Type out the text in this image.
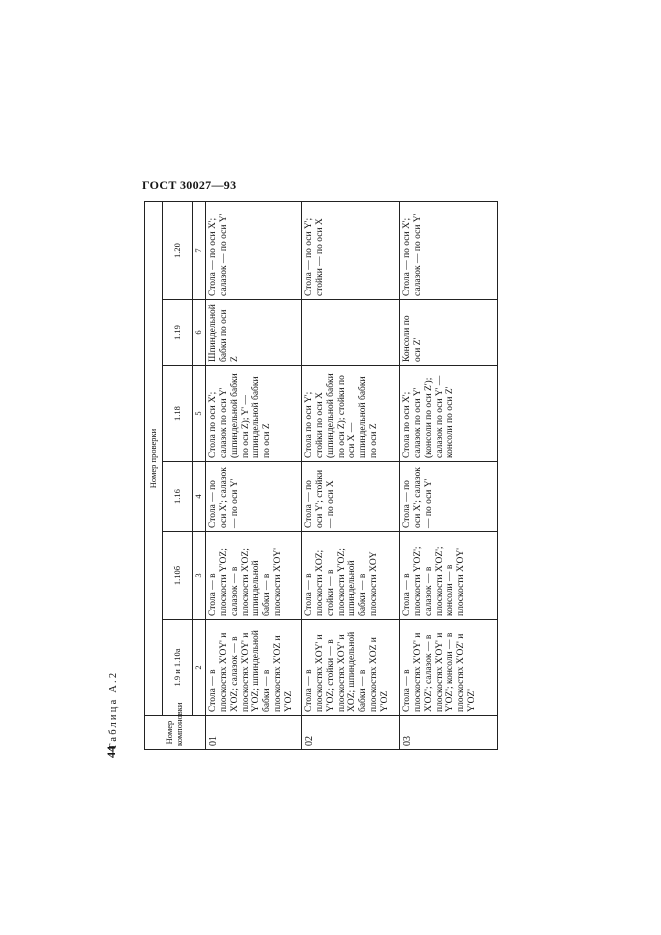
ГОСТ 30027—93
44
Таблица А.2	Номер компоновки	Номер проверки					
	1.9 и 1.10а	1.10б	1.16	1.18	1.19	1.20
	2	3	4	5	6	7
01	Стола — в плоскостях X'OY' и X'OZ; салазок — в плоскостях X'OY' и Y'OZ; шпиндельной бабки — в плоскостях X'OZ и Y'OZ	Стола — в плоскости Y'OZ; салазок — в плоскости X'OZ; шпиндельной бабки — в плоскости X'OY'	Стола — по оси X'; салазок — по оси Y'	Стола по оси X'; салазок по оси Y' (шпиндельной бабки по оси Z); Y' — шпиндельной бабки по оси Z	Шпиндельной бабки по оси Z	Стола — по оси X'; салазок — по оси Y'
02	Стола — в плоскостях XOY' и Y'OZ; стойки — в плоскостях XOY' и XOZ; шпиндельной бабки — в плоскостях XOZ и Y'OZ	Стола — в плоскости XOZ; стойки — в плоскости Y'OZ; шпиндельной бабки — в плоскости XOY	Стола — по оси Y'; стойки — по оси X	Стола по оси Y'; стойки по оси X (шпиндельной бабки по оси Z); стойки по оси X — шпиндельной бабки по оси Z		Стола — по оси Y'; стойки — по оси X
03	Стола — в плоскостях X'OY' и X'OZ'; салазок — в плоскостях X'OY' и Y'OZ'; консоли — в плоскостях X'OZ' и Y'OZ'	Стола — в плоскости Y'OZ'; салазок — в плоскости X'OZ'; консоли — в плоскости X'OY'	Стола — по оси X'; салазок — по оси Y'	Стола по оси X'; салазок по оси Y' (консоли по оси Z'); салазок по оси Y' — консоли по оси Z'	Консоли по оси Z'	Стола — по оси X'; салазок — по оси Y'
